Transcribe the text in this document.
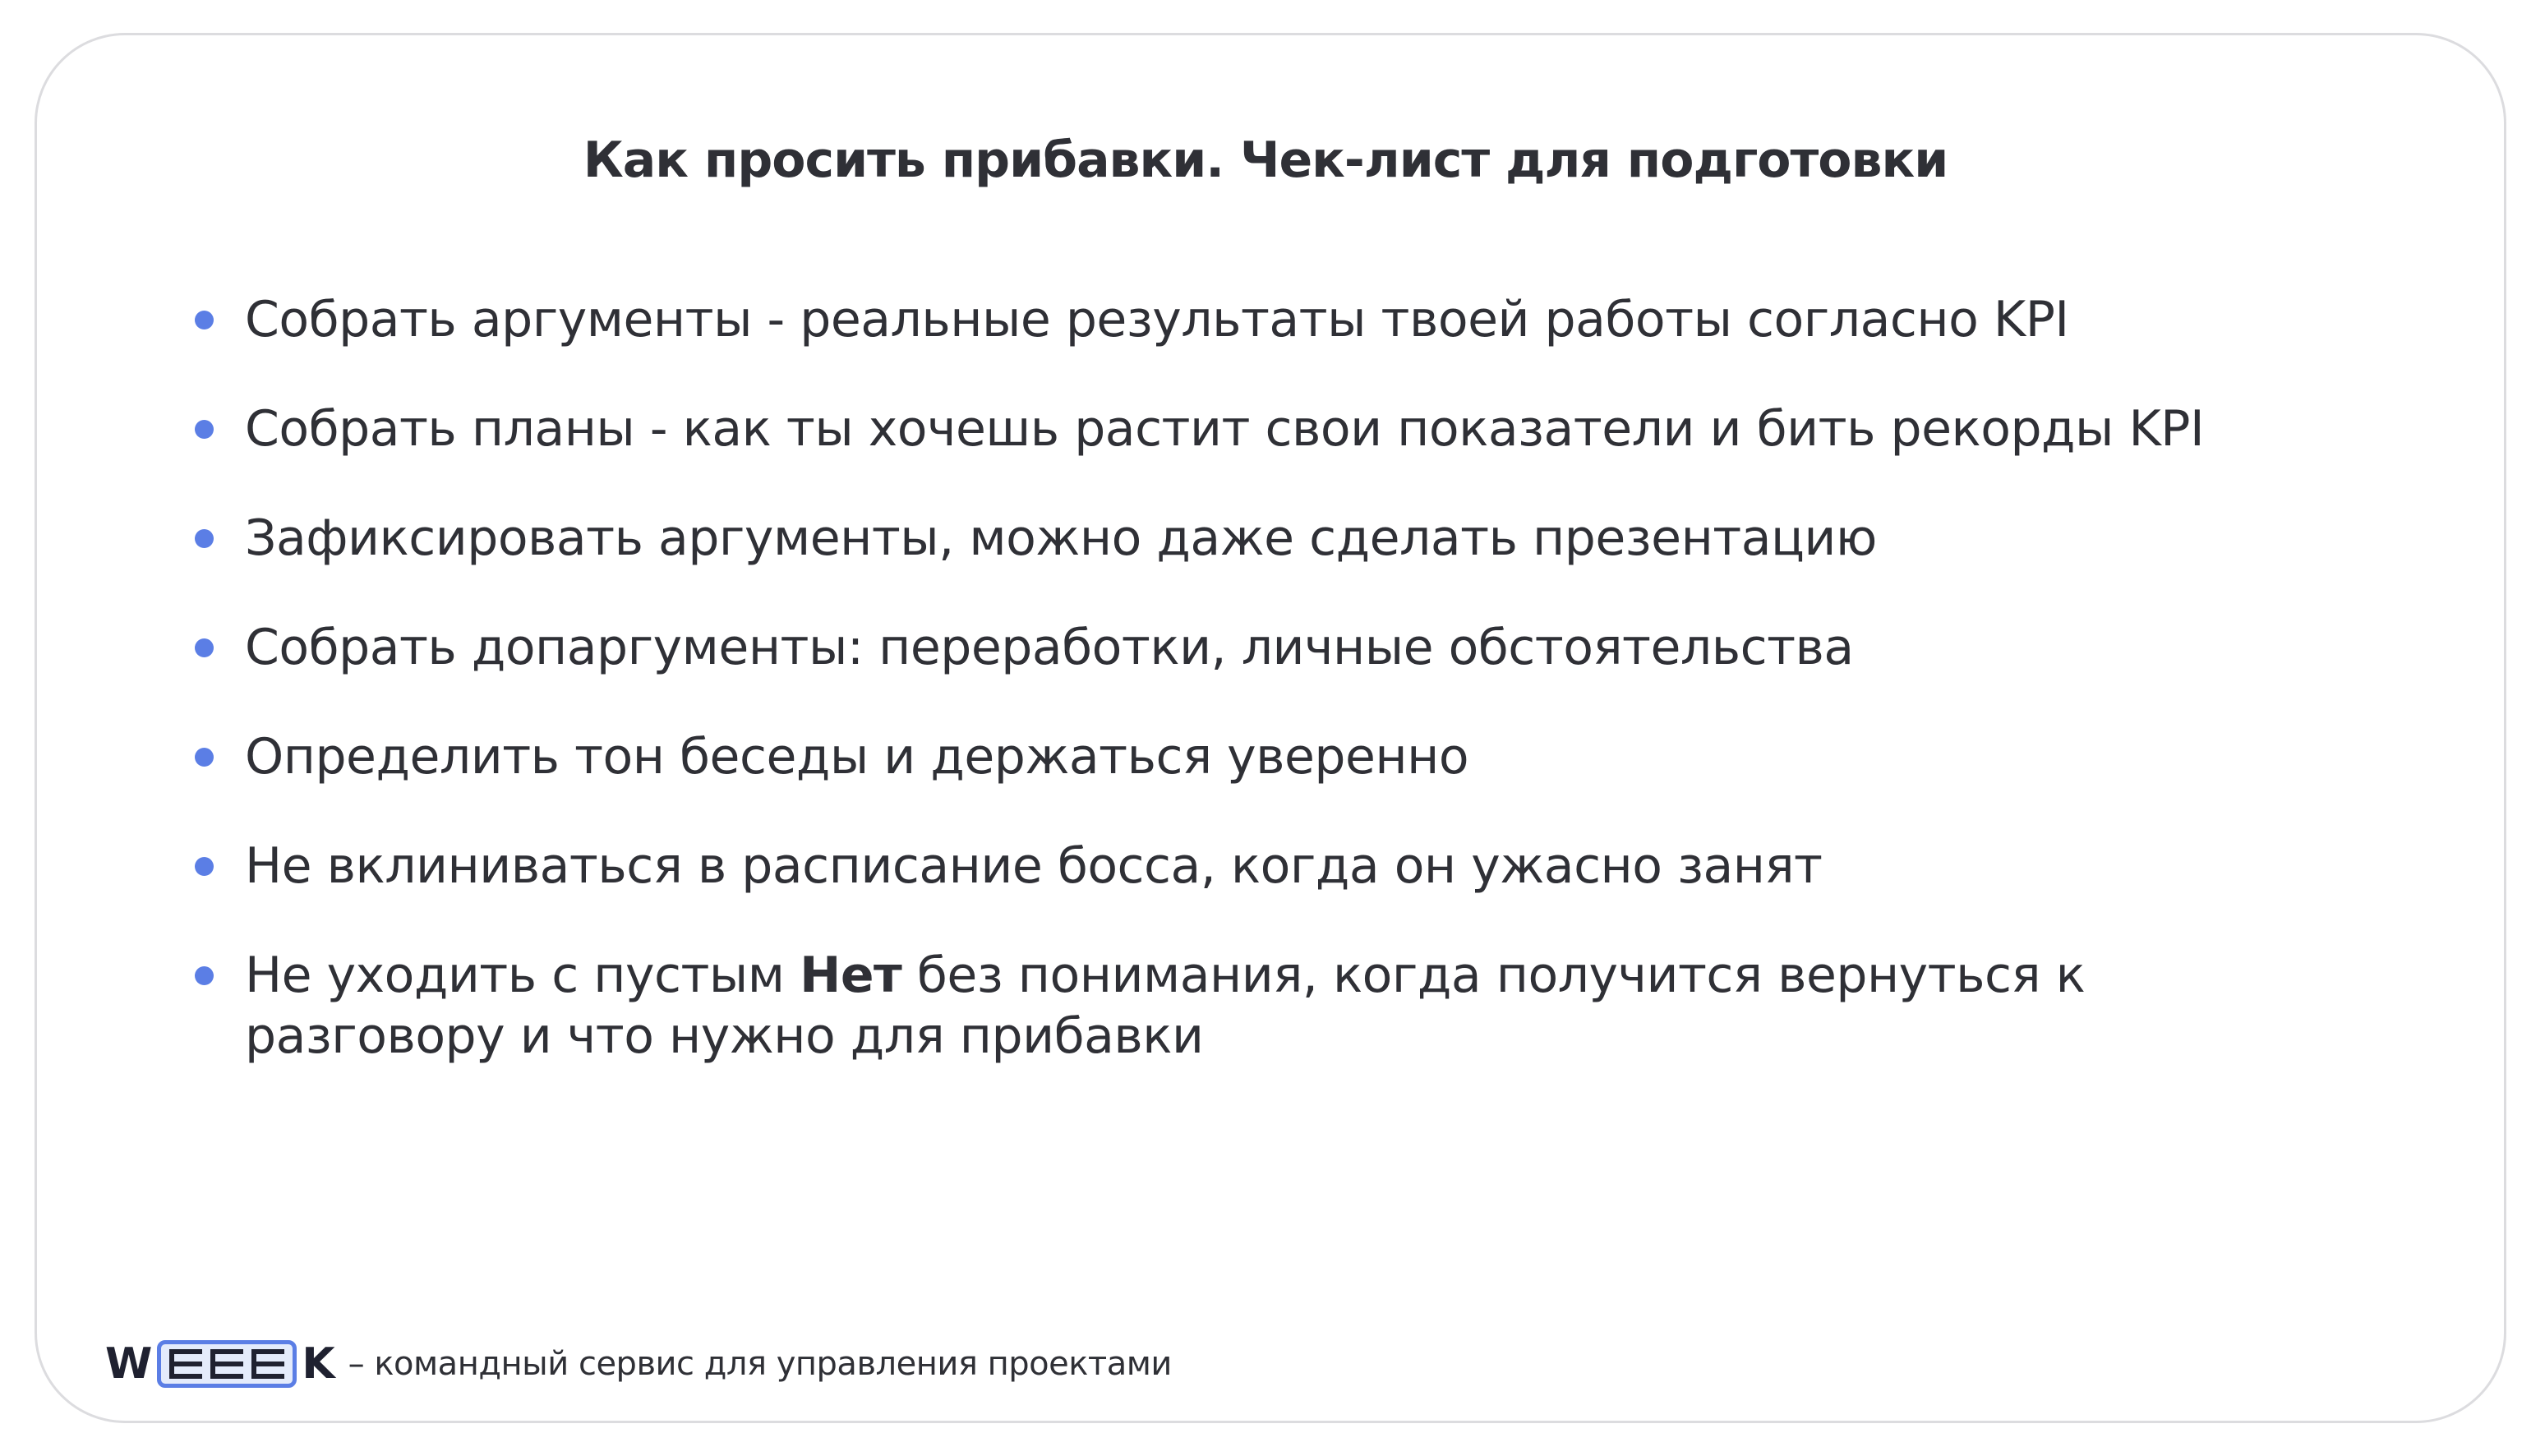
Как просить прибавки. Чек-лист для подготовки
Собрать аргументы - реальные результаты твоей работы согласно KPI
Собрать планы - как ты хочешь растит свои показатели и бить рекорды KPI
Зафиксировать аргументы, можно даже сделать презентацию
Собрать допаргументы: переработки, личные обстоятельства
Определить тон беседы и держаться уверенно
Не вклиниваться в расписание босса, когда он ужасно занят
Не уходить с пустым Нет без понимания, когда получится вернуться к разговору и что нужно для прибавки
W	K – командный сервис для управления проектами
